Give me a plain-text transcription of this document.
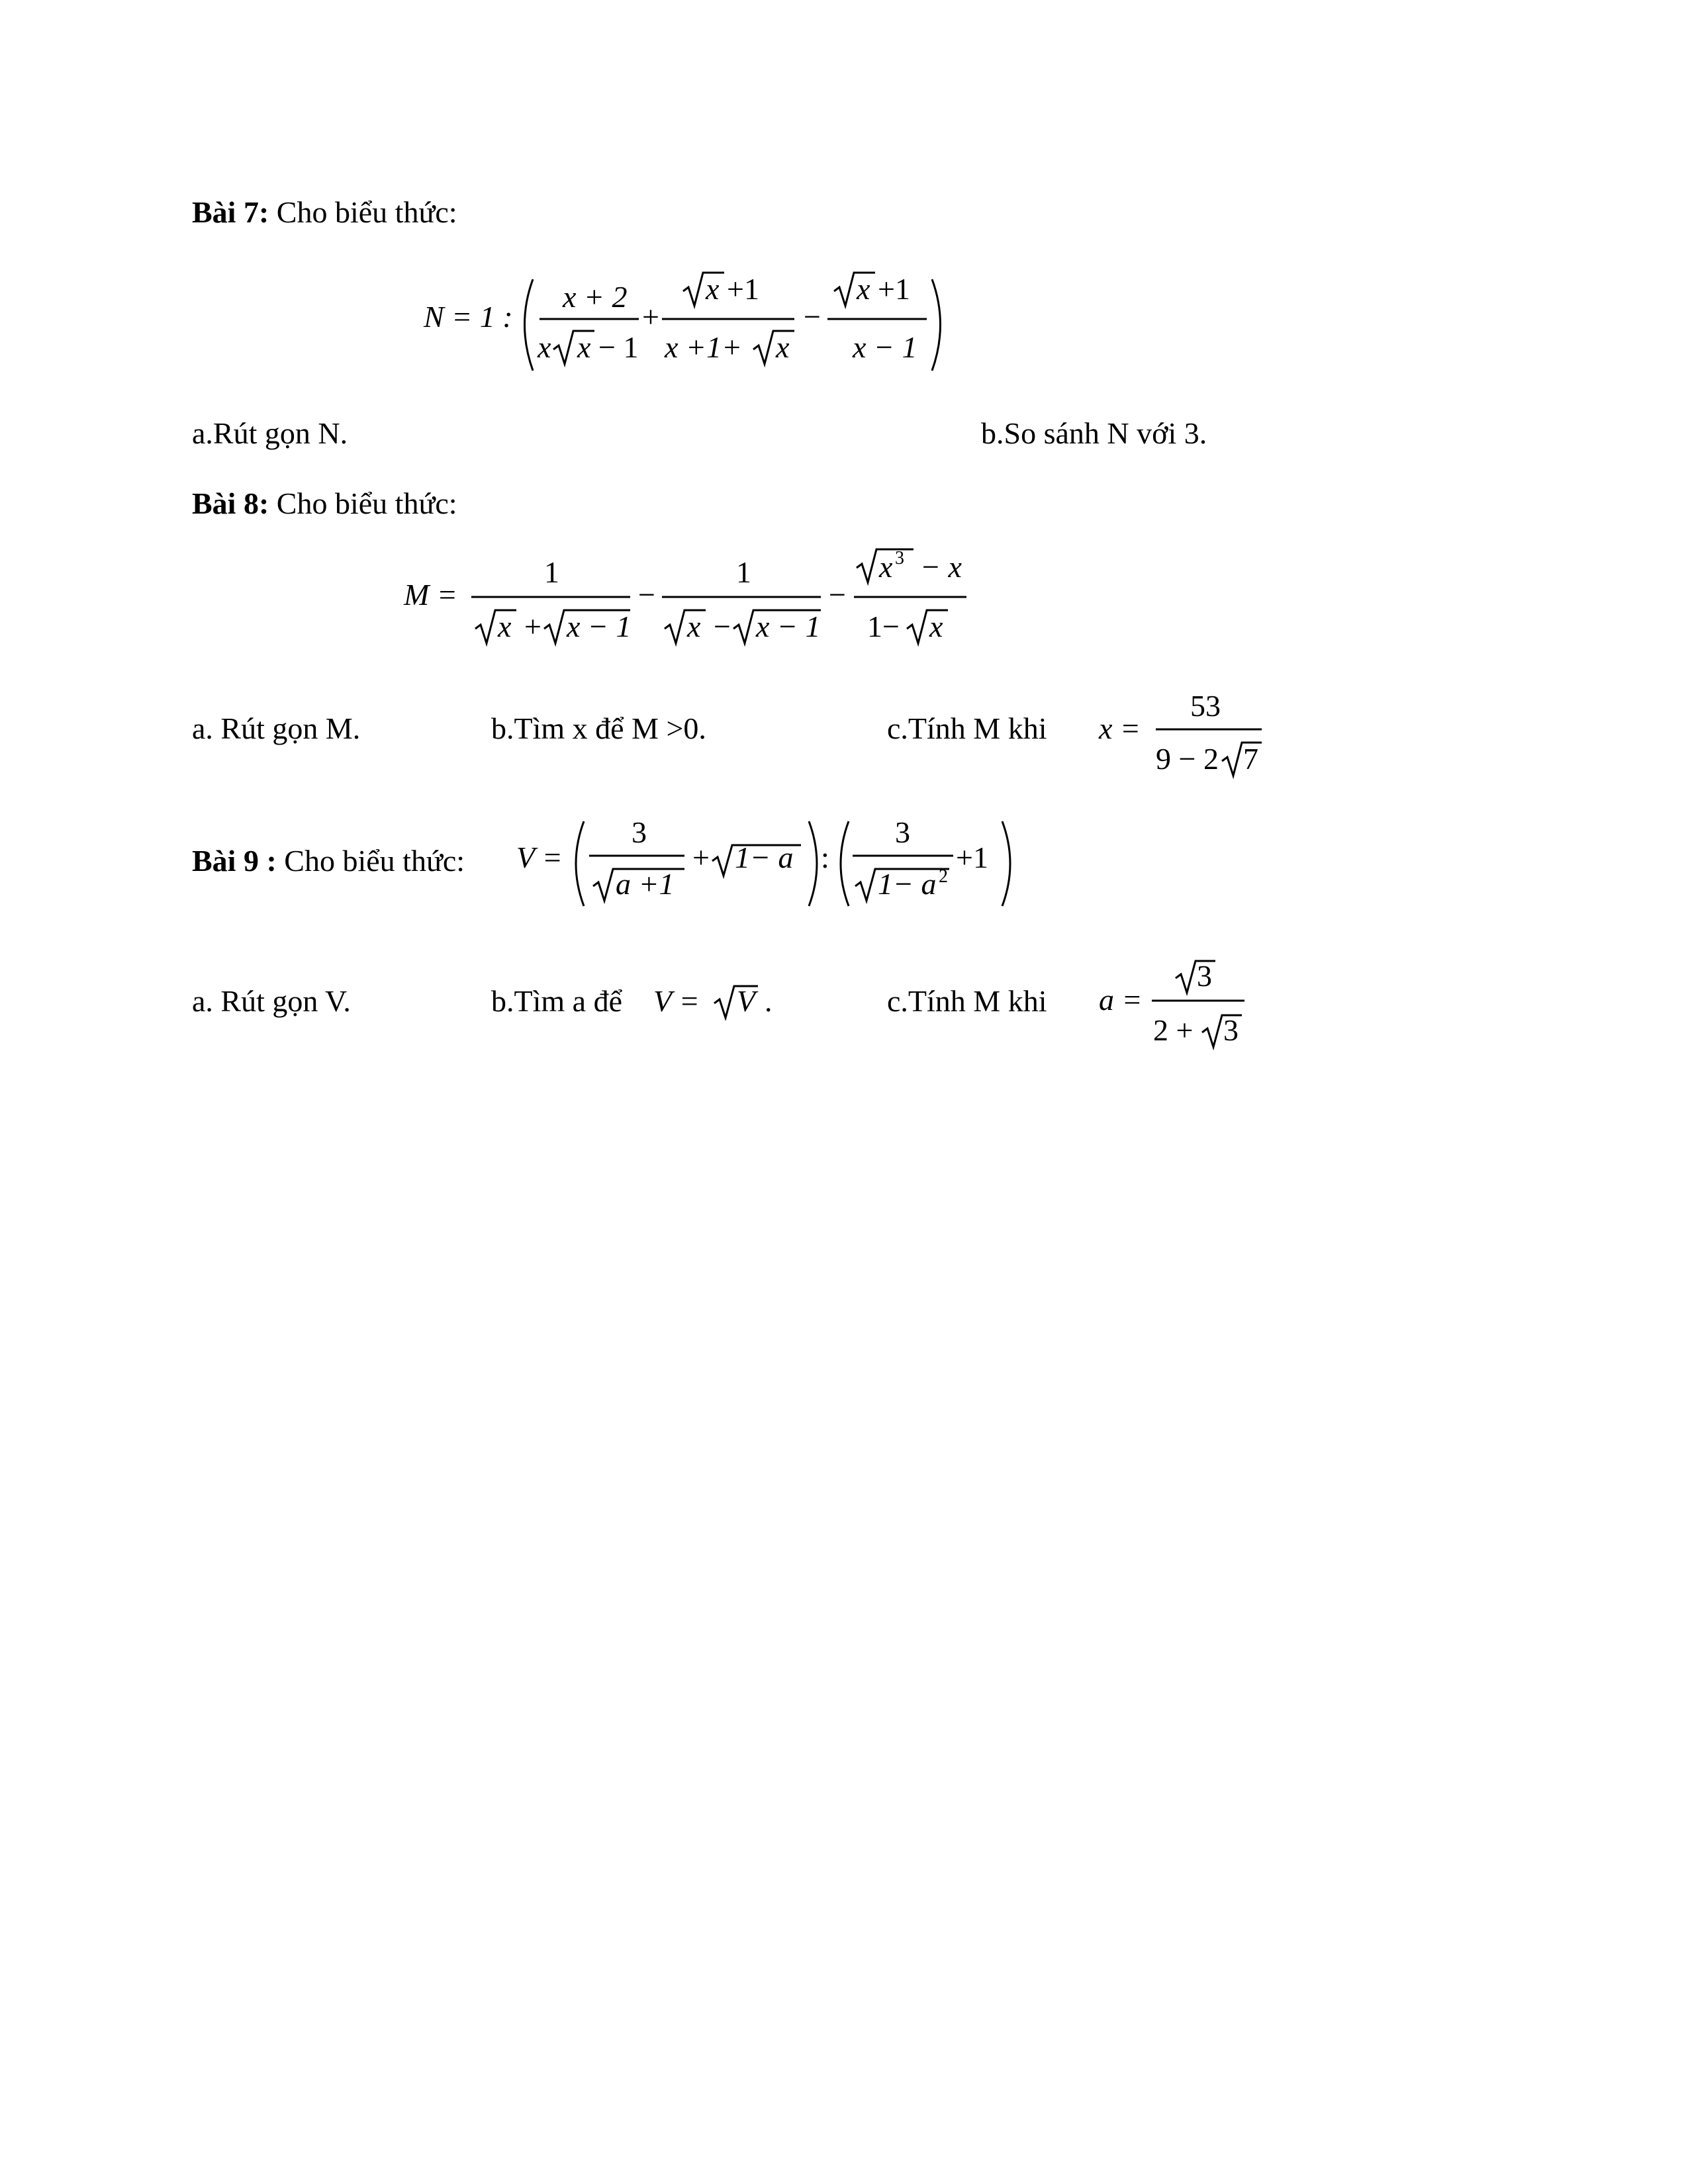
Bài 7: Cho biểu thức:
N = 1 :
x + 2
x x − 1
+
x +1
x +1+ x
−
x +1
x − 1
a.Rút gọn N.	b.So sánh N với 3.
Bài 8: Cho biểu thức:
M =
1
x + x − 1
−
1
x − x − 1
−
x 3 − x
1− x
a. Rút gọn M.	b.Tìm x để M >0.	c.Tính M khi x =
53
9 − 2 7
Bài 9 : Cho biểu thức: V =
3
a +1
+ 1− a :
3
1− a 2
+1
a. Rút gọn V.	b.Tìm a để V = V .	c.Tính M khi a =
3
2 + 3
